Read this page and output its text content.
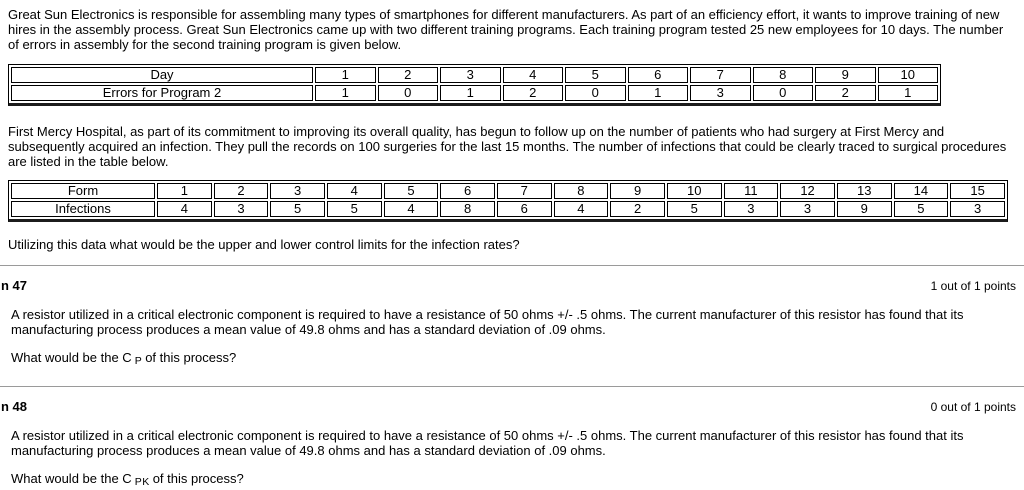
Great Sun Electronics is responsible for assembling many types of smartphones for different manufacturers. As part of an efficiency effort, it wants to improve training of new hires in the assembly process. Great Sun Electronics came up with two different training programs. Each training program tested 25 new employees for 10 days. The number of errors in assembly for the second training program is given below.

Day	1	2	3	4	5	6	7	8	9	10
Errors for Program 2	1	0	1	2	0	1	3	0	2	1

First Mercy Hospital, as part of its commitment to improving its overall quality, has begun to follow up on the number of patients who had surgery at First Mercy and subsequently acquired an infection. They pull the records on 100 surgeries for the last 15 months. The number of infections that could be clearly traced to surgical procedures are listed in the table below.

Form	1	2	3	4	5	6	7	8	9	10	11	12	13	14	15
Infections	4	3	5	5	4	8	6	4	2	5	3	3	9	5	3

Utilizing this data what would be the upper and lower control limits for the infection rates?

n 47	1 out of 1 points

A resistor utilized in a critical electronic component is required to have a resistance of 50 ohms +/- .5 ohms. The current manufacturer of this resistor has found that its manufacturing process produces a mean value of 49.8 ohms and has a standard deviation of .09 ohms.

What would be the C P of this process?

n 48	0 out of 1 points

A resistor utilized in a critical electronic component is required to have a resistance of 50 ohms +/- .5 ohms. The current manufacturer of this resistor has found that its manufacturing process produces a mean value of 49.8 ohms and has a standard deviation of .09 ohms.

What would be the C PK of this process?
